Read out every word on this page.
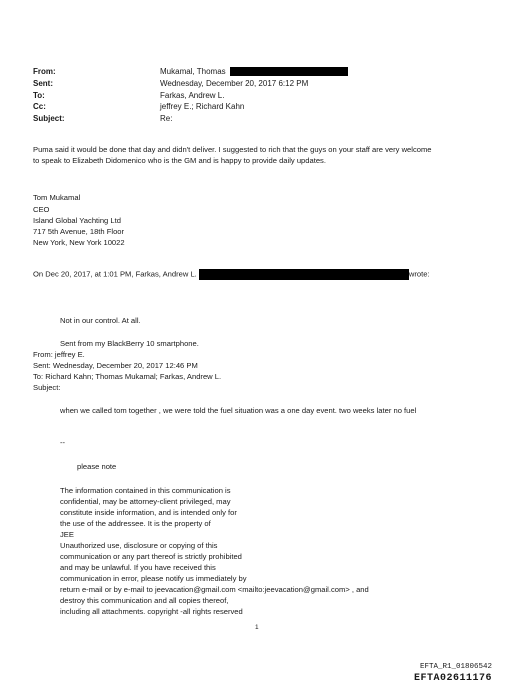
From:	Mukamal, Thomas
Sent:	Wednesday, December 20, 2017 6:12 PM
To:	Farkas, Andrew L.
Cc:	jeffrey E.; Richard Kahn
Subject:	Re:
Puma said it would be done that day and didn't deliver. I suggested to rich that the guys on your staff are very welcome
to speak to Elizabeth Didomenico who is the GM and is happy to provide daily updates.
Tom Mukamal
CEO
Island Global Yachting Ltd
717 5th Avenue, 18th Floor
New York, New York 10022
On Dec 20, 2017, at 1:01 PM, Farkas, Andrew L.	wrote:
Not in our control. At all.
Sent from my BlackBerry 10 smartphone.
From: jeffrey E.
Sent: Wednesday, December 20, 2017 12:46 PM
To: Richard Kahn; Thomas Mukamal; Farkas, Andrew L.
Subject:
when we called tom together , we were told the fuel situation was a one day event. two weeks later no fuel
--
please note
The information contained in this communication is
confidential, may be attorney-client privileged, may
constitute inside information, and is intended only for
the use of the addressee. It is the property of
JEE
Unauthorized use, disclosure or copying of this
communication or any part thereof is strictly prohibited
and may be unlawful. If you have received this
communication in error, please notify us immediately by
return e-mail or by e-mail to jeevacation@gmail.com <mailto:jeevacation@gmail.com> , and
destroy this communication and all copies thereof,
including all attachments. copyright -all rights reserved
1
EFTA_R1_01806542
EFTA02611176
